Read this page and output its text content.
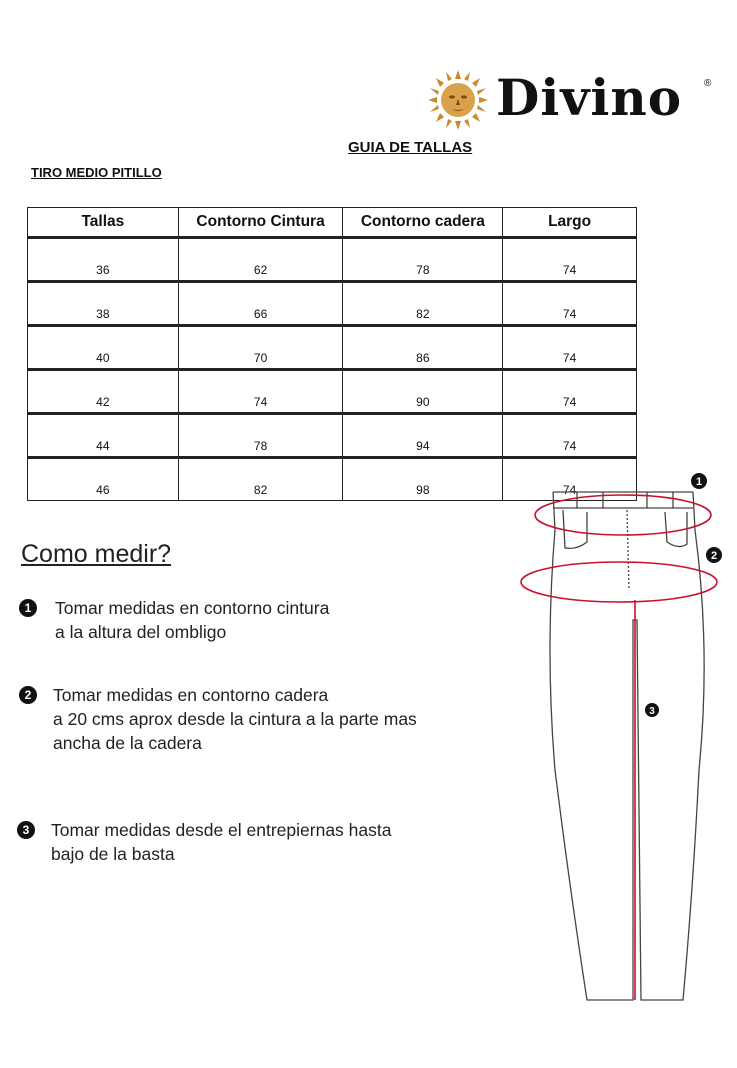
Divino ®
GUIA DE TALLAS
TIRO MEDIO PITILLO
Tallas	Contorno Cintura	Contorno cadera	Largo
36	62	78	74
38	66	82	74
40	70	86	74
42	74	90	74
44	78	94	74
46	82	98	74
Como medir?
1	Tomar medidas en contorno cintura
a la altura del ombligo
2	Tomar medidas en contorno cadera
a 20 cms aprox desde la cintura a la parte mas
ancha de la cadera
3	Tomar medidas desde el entrepiernas hasta
bajo de la basta
1
2
3
